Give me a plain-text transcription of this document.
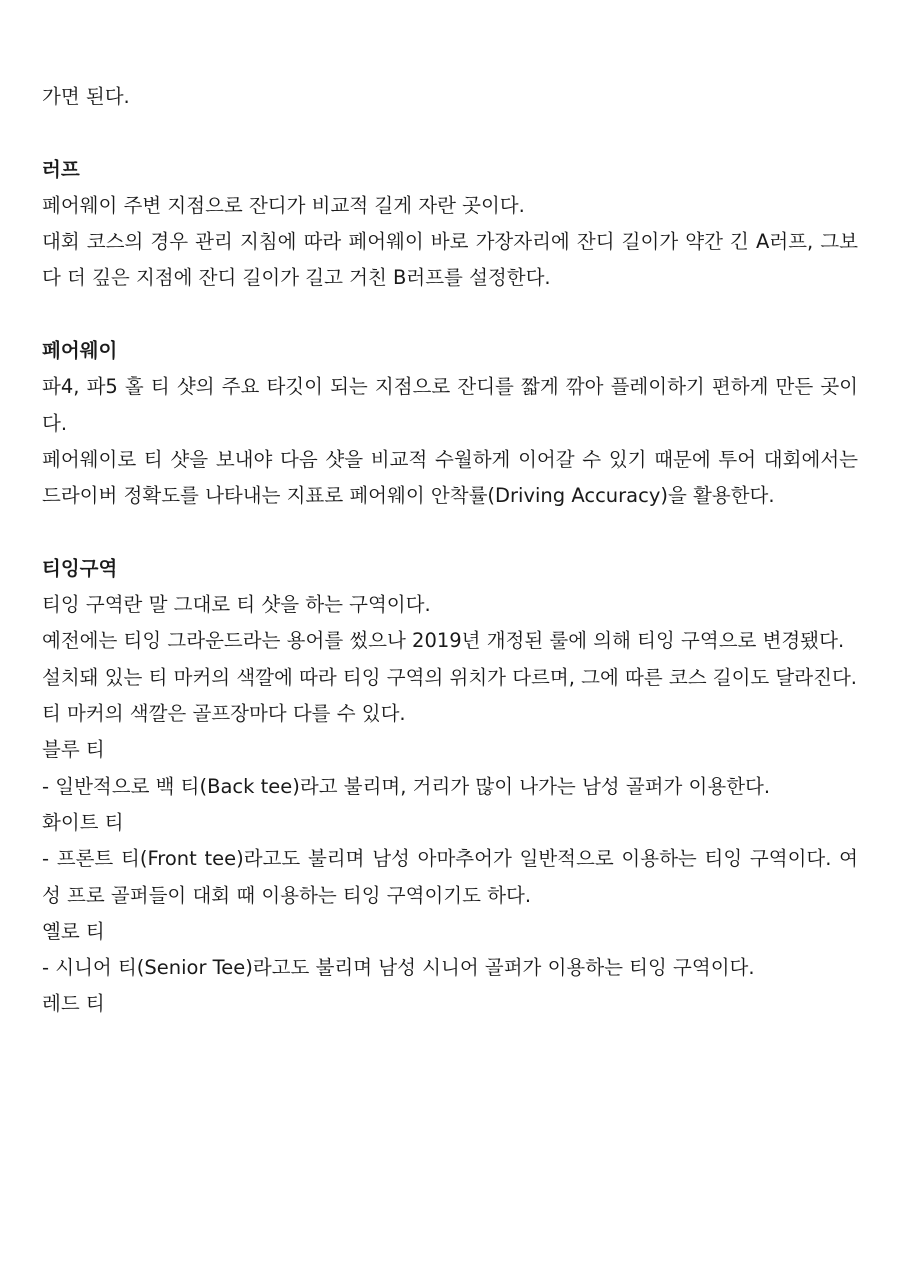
가면 된다.

러프

페어웨이 주변 지점으로 잔디가 비교적 길게 자란 곳이다.

대회 코스의 경우 관리 지침에 따라 페어웨이 바로 가장자리에 잔디 길이가 약간 긴 A러프, 그보다 더 깊은 지점에 잔디 길이가 길고 거친 B러프를 설정한다.

페어웨이

파4, 파5 홀 티 샷의 주요 타깃이 되는 지점으로 잔디를 짧게 깎아 플레이하기 편하게 만든 곳이다.

페어웨이로 티 샷을 보내야 다음 샷을 비교적 수월하게 이어갈 수 있기 때문에 투어 대회에서는 드라이버 정확도를 나타내는 지표로 페어웨이 안착률(Driving Accuracy)을 활용한다.

티잉구역

티잉 구역란 말 그대로 티 샷을 하는 구역이다.

예전에는 티잉 그라운드라는 용어를 썼으나 2019년 개정된 룰에 의해 티잉 구역으로 변경됐다.

설치돼 있는 티 마커의 색깔에 따라 티잉 구역의 위치가 다르며, 그에 따른 코스 길이도 달라진다.

티 마커의 색깔은 골프장마다 다를 수 있다.

블루 티

- 일반적으로 백 티(Back tee)라고 불리며, 거리가 많이 나가는 남성 골퍼가 이용한다.

화이트 티

- 프론트 티(Front tee)라고도 불리며 남성 아마추어가 일반적으로 이용하는 티잉 구역이다. 여성 프로 골퍼들이 대회 때 이용하는 티잉 구역이기도 하다.

옐로 티

- 시니어 티(Senior Tee)라고도 불리며 남성 시니어 골퍼가 이용하는 티잉 구역이다.

레드 티
